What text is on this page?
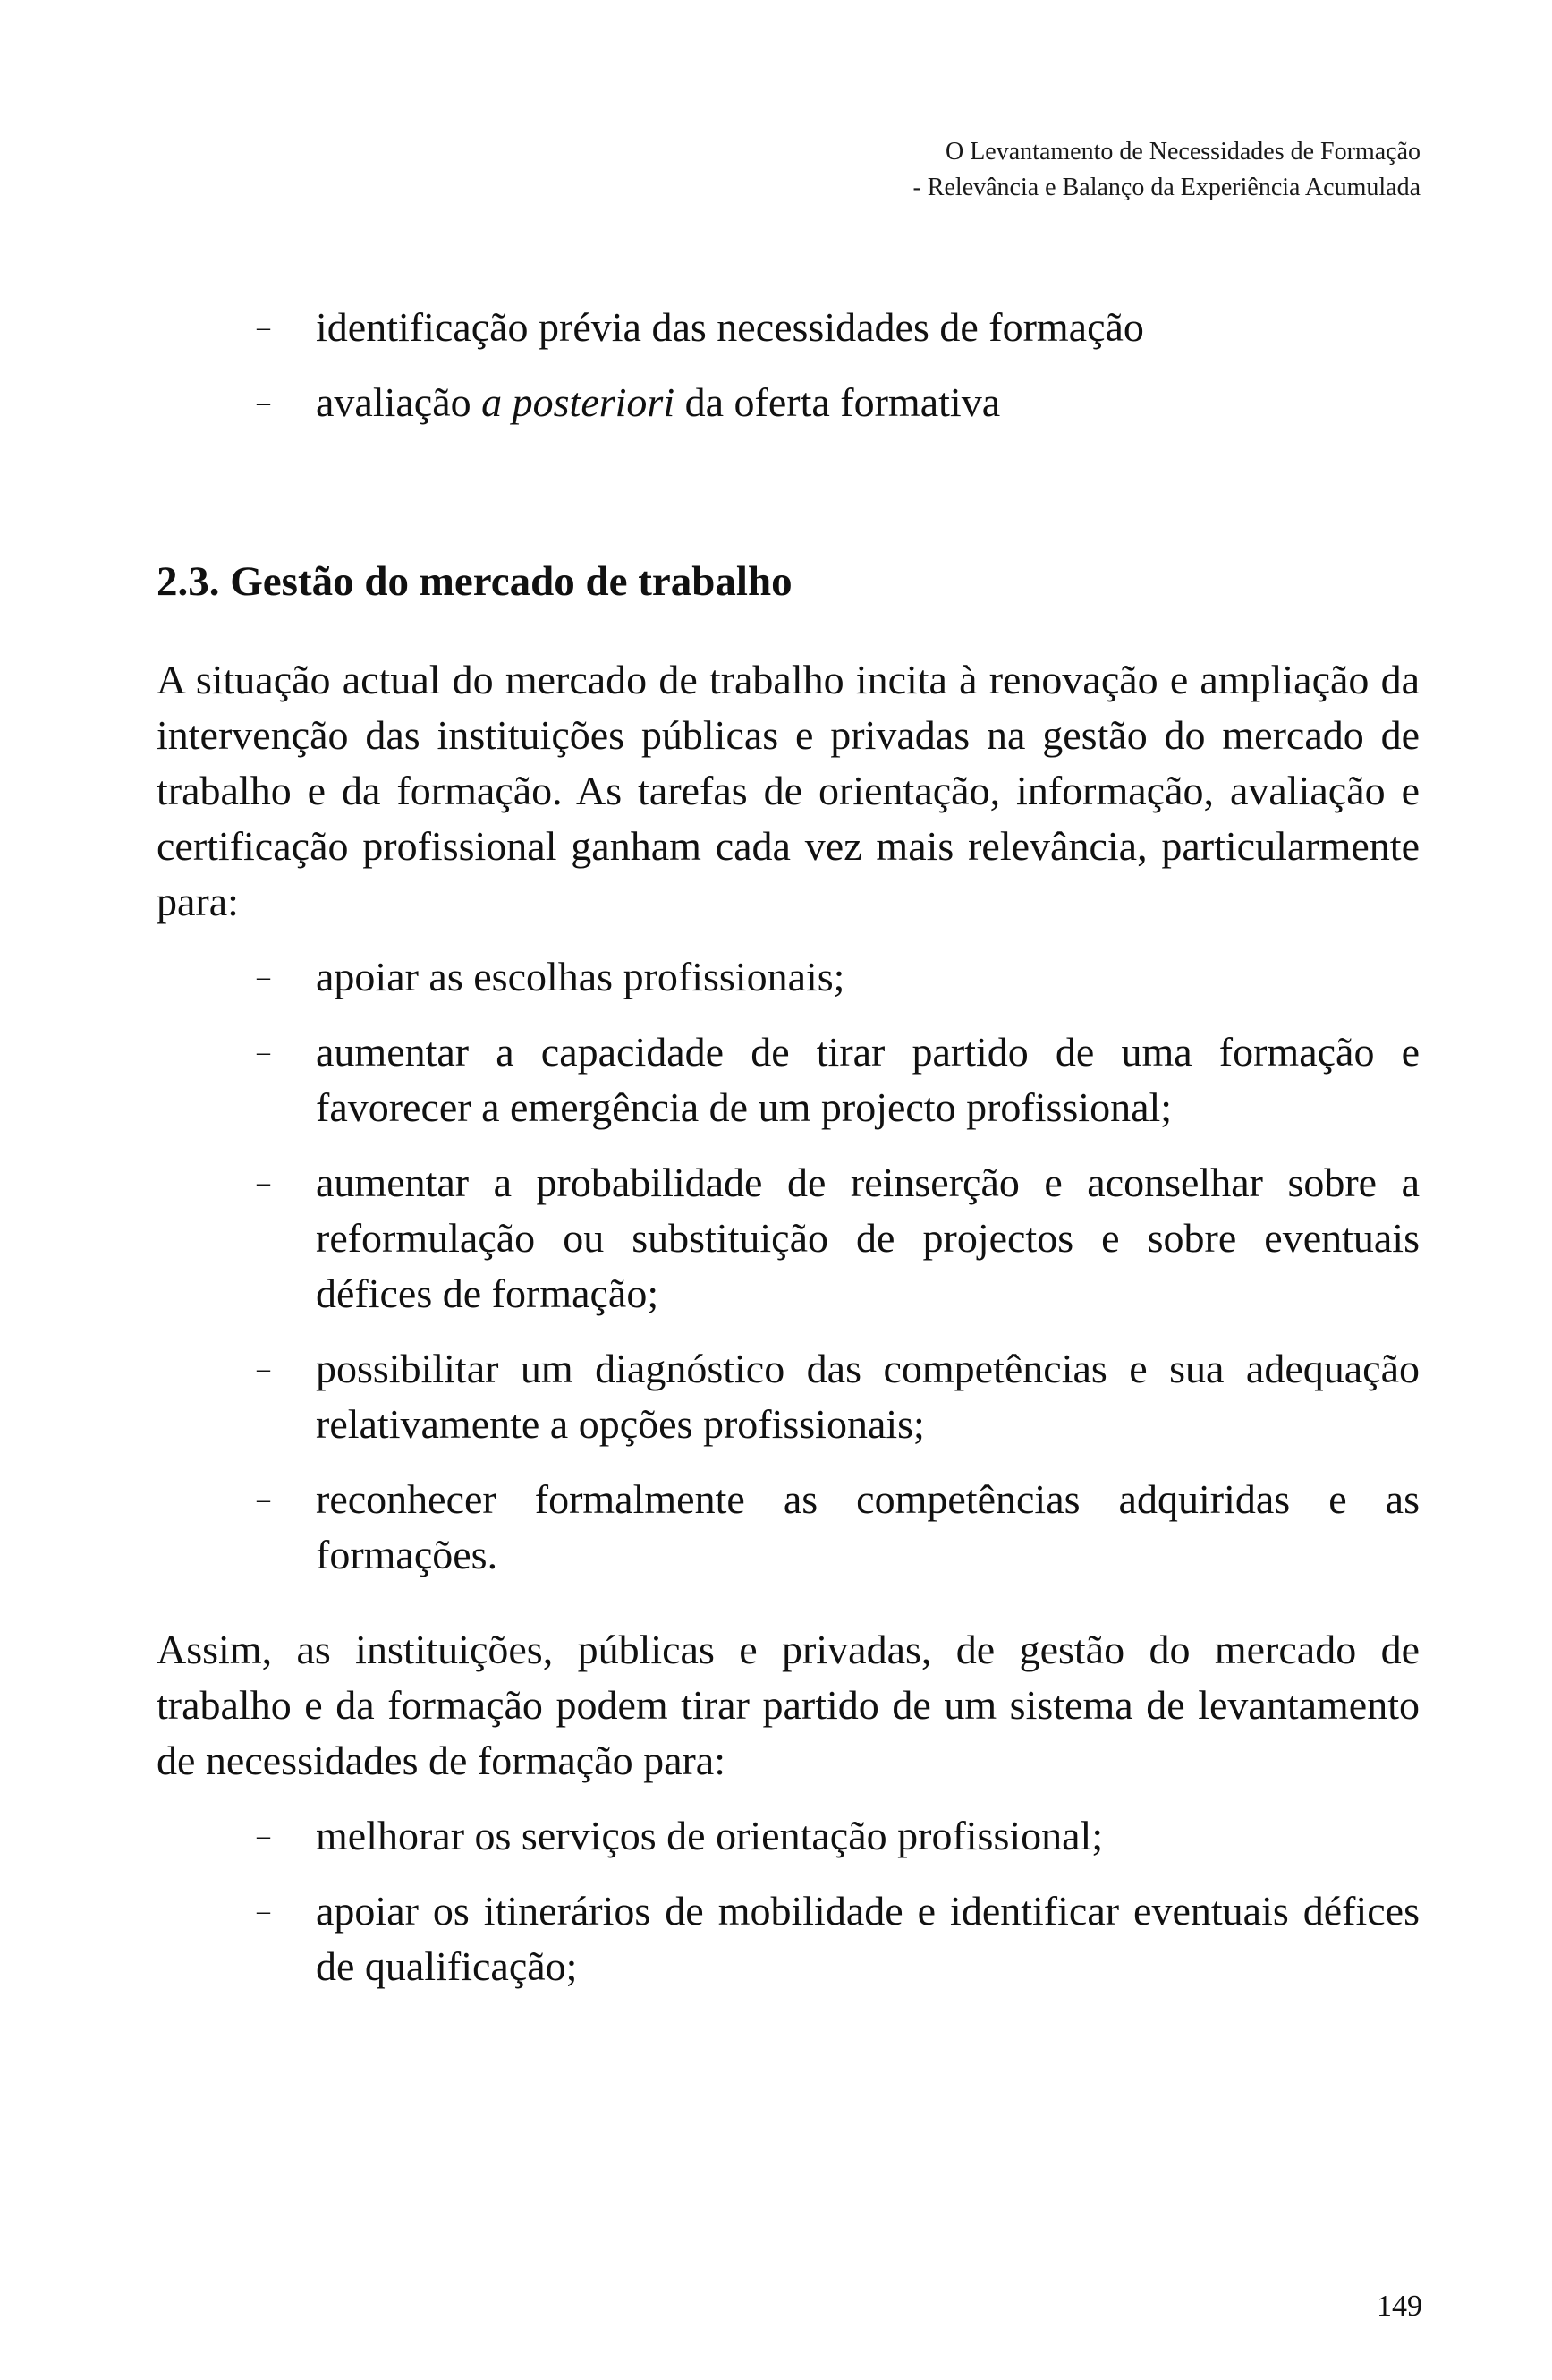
O Levantamento de Necessidades de Formação
- Relevância e Balanço da Experiência Acumulada
– identificação prévia das necessidades de formação
– avaliação a posteriori da oferta formativa
2.3. Gestão do mercado de trabalho

A situação actual do mercado de trabalho incita à renovação e ampliação da intervenção das instituições públicas e privadas na gestão do mercado de trabalho e da formação. As tarefas de orientação, informação, avaliação e certificação profissional ganham cada vez mais relevância, particularmente para:

– apoiar as escolhas profissionais;
– aumentar a capacidade de tirar partido de uma formação e favorecer a emergência de um projecto profissional;
– aumentar a probabilidade de reinserção e aconselhar sobre a reformulação ou substituição de projectos e sobre eventuais défices de formação;
– possibilitar um diagnóstico das competências e sua adequação relativamente a opções profissionais;
– reconhecer formalmente as competências adquiridas e as formações.

Assim, as instituições, públicas e privadas, de gestão do mercado de trabalho e da formação podem tirar partido de um sistema de levantamento de necessidades de formação para:

– melhorar os serviços de orientação profissional;
– apoiar os itinerários de mobilidade e identificar eventuais défices de qualificação;
149
